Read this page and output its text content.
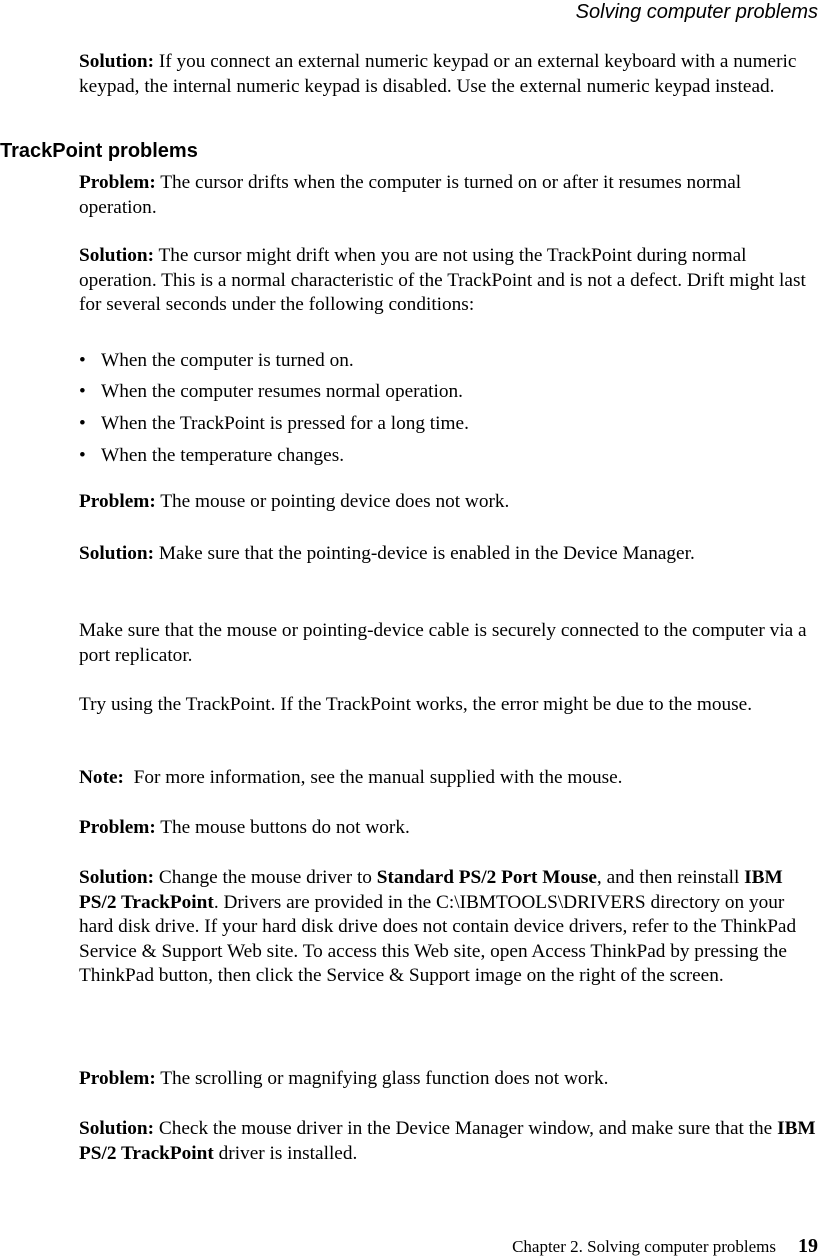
Solving computer problems

Solution: If you connect an external numeric keypad or an external keyboard with a numeric keypad, the internal numeric keypad is disabled. Use the external numeric keypad instead.

TrackPoint problems

Problem: The cursor drifts when the computer is turned on or after it resumes normal operation.

Solution: The cursor might drift when you are not using the TrackPoint during normal operation. This is a normal characteristic of the TrackPoint and is not a defect. Drift might last for several seconds under the following conditions:

• When the computer is turned on.
• When the computer resumes normal operation.
• When the TrackPoint is pressed for a long time.
• When the temperature changes.

Problem: The mouse or pointing device does not work.

Solution: Make sure that the pointing-device is enabled in the Device Manager.

Make sure that the mouse or pointing-device cable is securely connected to the computer via a port replicator.

Try using the TrackPoint. If the TrackPoint works, the error might be due to the mouse.

Note:  For more information, see the manual supplied with the mouse.

Problem: The mouse buttons do not work.

Solution: Change the mouse driver to Standard PS/2 Port Mouse, and then reinstall IBM PS/2 TrackPoint. Drivers are provided in the C:\IBMTOOLS\DRIVERS directory on your hard disk drive. If your hard disk drive does not contain device drivers, refer to the ThinkPad Service & Support Web site. To access this Web site, open Access ThinkPad by pressing the ThinkPad button, then click the Service & Support image on the right of the screen.

Problem: The scrolling or magnifying glass function does not work.

Solution: Check the mouse driver in the Device Manager window, and make sure that the IBM PS/2 TrackPoint driver is installed.

Chapter 2. Solving computer problems 19
